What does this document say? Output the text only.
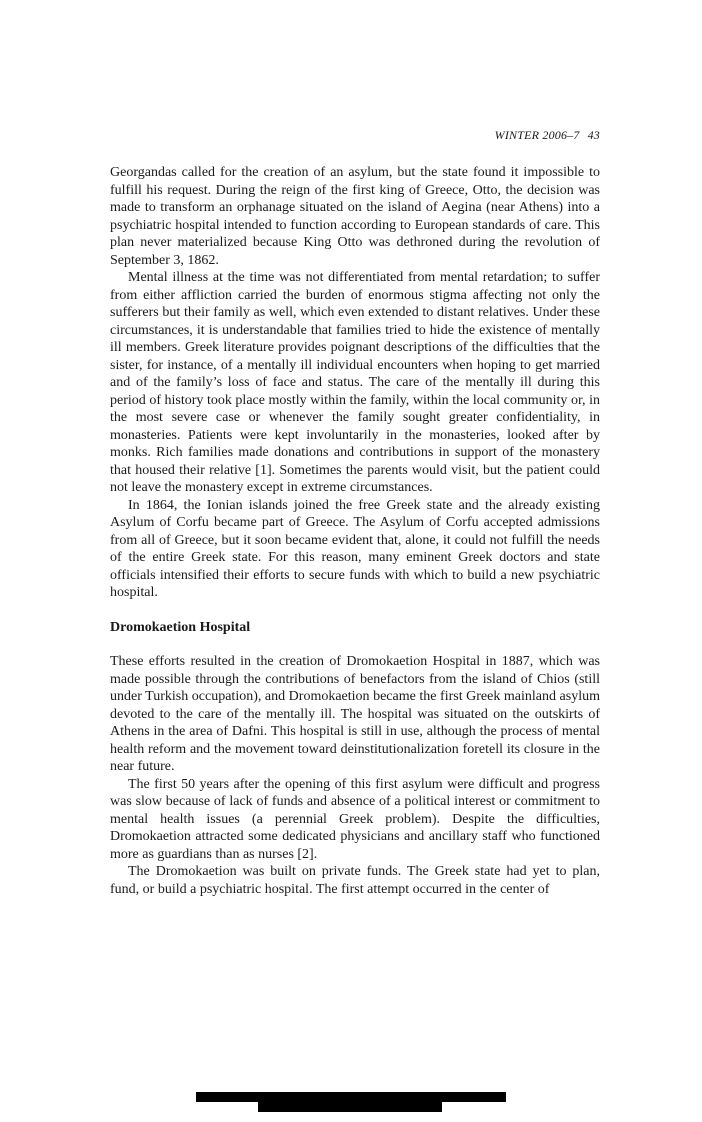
WINTER 2006–7 43

Georgandas called for the creation of an asylum, but the state found it impossible to fulfill his request. During the reign of the first king of Greece, Otto, the decision was made to transform an orphanage situated on the island of Aegina (near Athens) into a psychiatric hospital intended to function according to European standards of care. This plan never materialized because King Otto was dethroned during the revolution of September 3, 1862.

Mental illness at the time was not differentiated from mental retardation; to suffer from either affliction carried the burden of enormous stigma affecting not only the sufferers but their family as well, which even extended to distant relatives. Under these circumstances, it is understandable that families tried to hide the existence of mentally ill members. Greek literature provides poignant descriptions of the difficulties that the sister, for instance, of a mentally ill individual encounters when hoping to get married and of the family’s loss of face and status. The care of the mentally ill during this period of history took place mostly within the family, within the local community or, in the most severe case or whenever the family sought greater confidentiality, in monasteries. Patients were kept involuntarily in the monasteries, looked after by monks. Rich families made donations and contributions in support of the monastery that housed their relative [1]. Sometimes the parents would visit, but the patient could not leave the monastery except in extreme circumstances.

In 1864, the Ionian islands joined the free Greek state and the already existing Asylum of Corfu became part of Greece. The Asylum of Corfu accepted admissions from all of Greece, but it soon became evident that, alone, it could not fulfill the needs of the entire Greek state. For this reason, many eminent Greek doctors and state officials intensified their efforts to secure funds with which to build a new psychiatric hospital.

Dromokaetion Hospital

These efforts resulted in the creation of Dromokaetion Hospital in 1887, which was made possible through the contributions of benefactors from the island of Chios (still under Turkish occupation), and Dromokaetion became the first Greek mainland asylum devoted to the care of the mentally ill. The hospital was situated on the outskirts of Athens in the area of Dafni. This hospital is still in use, although the process of mental health reform and the movement toward deinstitutionalization foretell its closure in the near future.

The first 50 years after the opening of this first asylum were difficult and progress was slow because of lack of funds and absence of a political interest or commitment to mental health issues (a perennial Greek problem). Despite the difficulties, Dromokaetion attracted some dedicated physicians and ancillary staff who functioned more as guardians than as nurses [2].

The Dromokaetion was built on private funds. The Greek state had yet to plan, fund, or build a psychiatric hospital. The first attempt occurred in the center of
